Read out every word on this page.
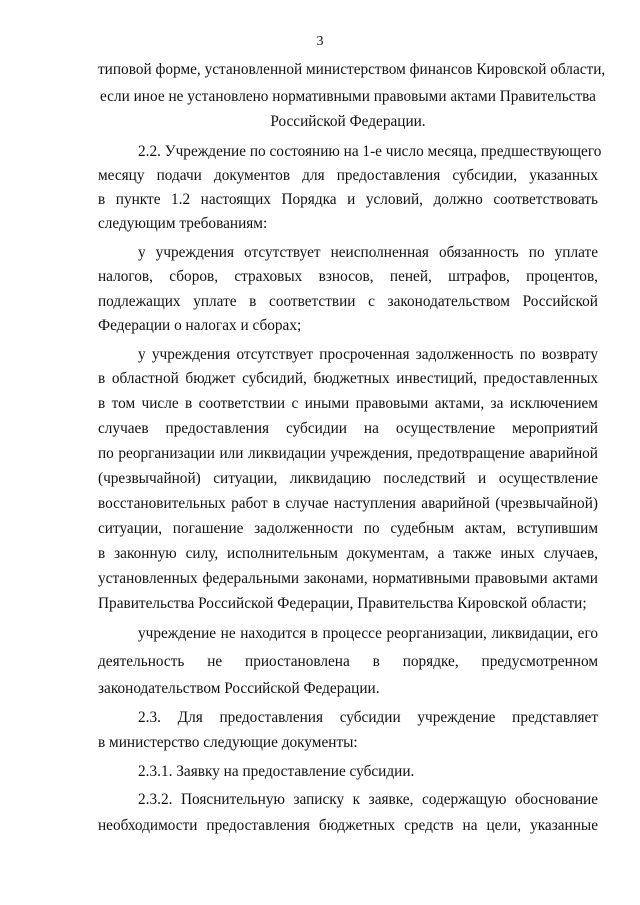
3
типовой форме, установленной министерством финансов Кировской области,
если иное не установлено нормативными правовыми актами Правительства
Российской Федерации.
2.2. Учреждение по состоянию на 1-е число месяца, предшествующего
месяцу подачи документов для предоставления субсидии, указанных
в пункте 1.2 настоящих Порядка и условий, должно соответствовать
следующим требованиям:
у учреждения отсутствует неисполненная обязанность по уплате
налогов, сборов, страховых взносов, пеней, штрафов, процентов,
подлежащих уплате в соответствии с законодательством Российской
Федерации о налогах и сборах;
у учреждения отсутствует просроченная задолженность по возврату
в областной бюджет субсидий, бюджетных инвестиций, предоставленных
в том числе в соответствии с иными правовыми актами, за исключением
случаев предоставления субсидии на осуществление мероприятий
по реорганизации или ликвидации учреждения, предотвращение аварийной
(чрезвычайной) ситуации, ликвидацию последствий и осуществление
восстановительных работ в случае наступления аварийной (чрезвычайной)
ситуации, погашение задолженности по судебным актам, вступившим
в законную силу, исполнительным документам, а также иных случаев,
установленных федеральными законами, нормативными правовыми актами
Правительства Российской Федерации, Правительства Кировской области;
учреждение не находится в процессе реорганизации, ликвидации, его
деятельность не приостановлена в порядке, предусмотренном
законодательством Российской Федерации.
2.3. Для предоставления субсидии учреждение представляет
в министерство следующие документы:
2.3.1. Заявку на предоставление субсидии.
2.3.2. Пояснительную записку к заявке, содержащую обоснование
необходимости предоставления бюджетных средств на цели, указанные
